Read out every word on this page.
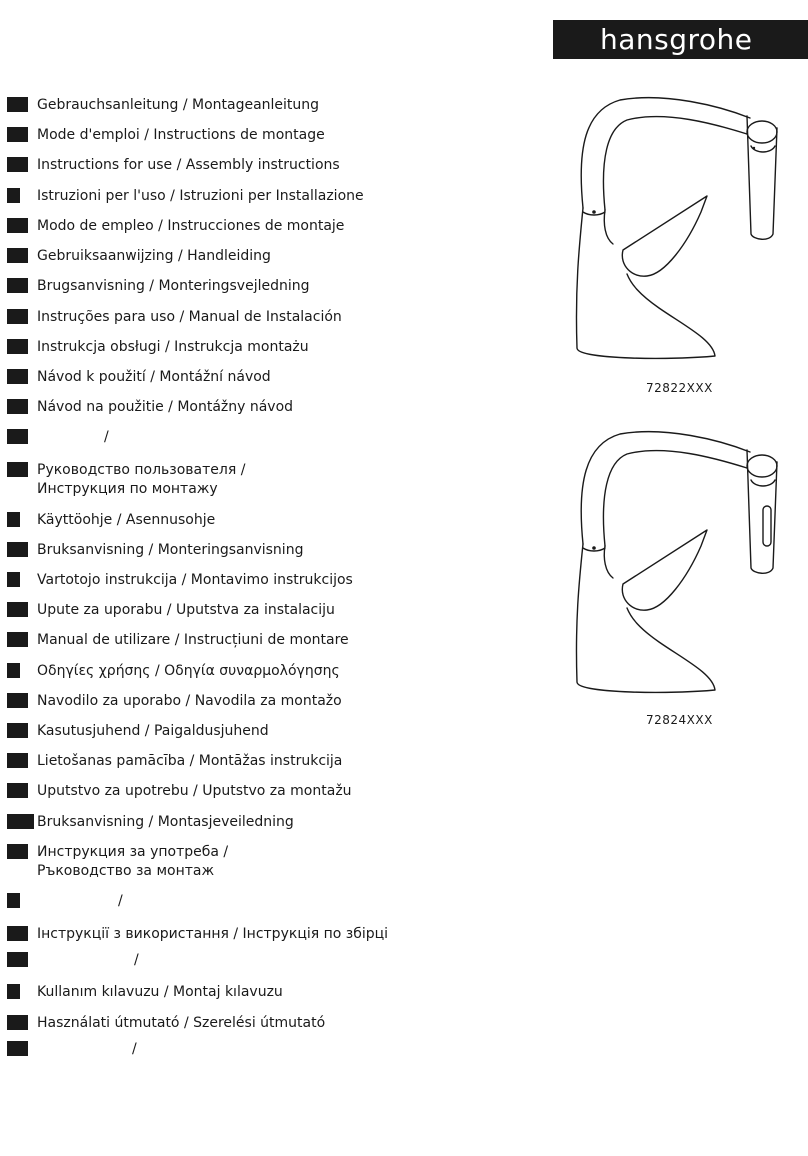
hansgrohe
Gebrauchsanleitung / Montageanleitung
Mode d'emploi / Instructions de montage
Instructions for use / Assembly instructions
Istruzioni per l'uso / Istruzioni per Installazione
Modo de empleo / Instrucciones de montaje
Gebruiksaanwijzing / Handleiding
Brugsanvisning / Monteringsvejledning
Instruções para uso / Manual de Instalación
Instrukcja obsługi / Instrukcja montażu
Návod k použití / Montážní návod
Návod na použitie / Montážny návod
/
Руководство пользователя /
Инструкция по монтажу
Käyttöohje / Asennusohje
Bruksanvisning / Monteringsanvisning
Vartotojo instrukcija / Montavimo instrukcijos
Upute za uporabu / Uputstva za instalaciju
Manual de utilizare / Instrucțiuni de montare
Οδηγίες χρήσης / Οδηγία συναρμολόγησης
Navodilo za uporabo / Navodila za montažo
Kasutusjuhend / Paigaldusjuhend
Lietošanas pamācība / Montāžas instrukcija
Uputstvo za upotrebu / Uputstvo za montažu
Bruksanvisning / Montasjeveiledning
Инструкция за употреба /
Ръководство за монтаж
/
Інструкції з використання / Інструкція по збірці
/
Kullanım kılavuzu / Montaj kılavuzu
Használati útmutató / Szerelési útmutató
/
72822XXX
72824XXX
